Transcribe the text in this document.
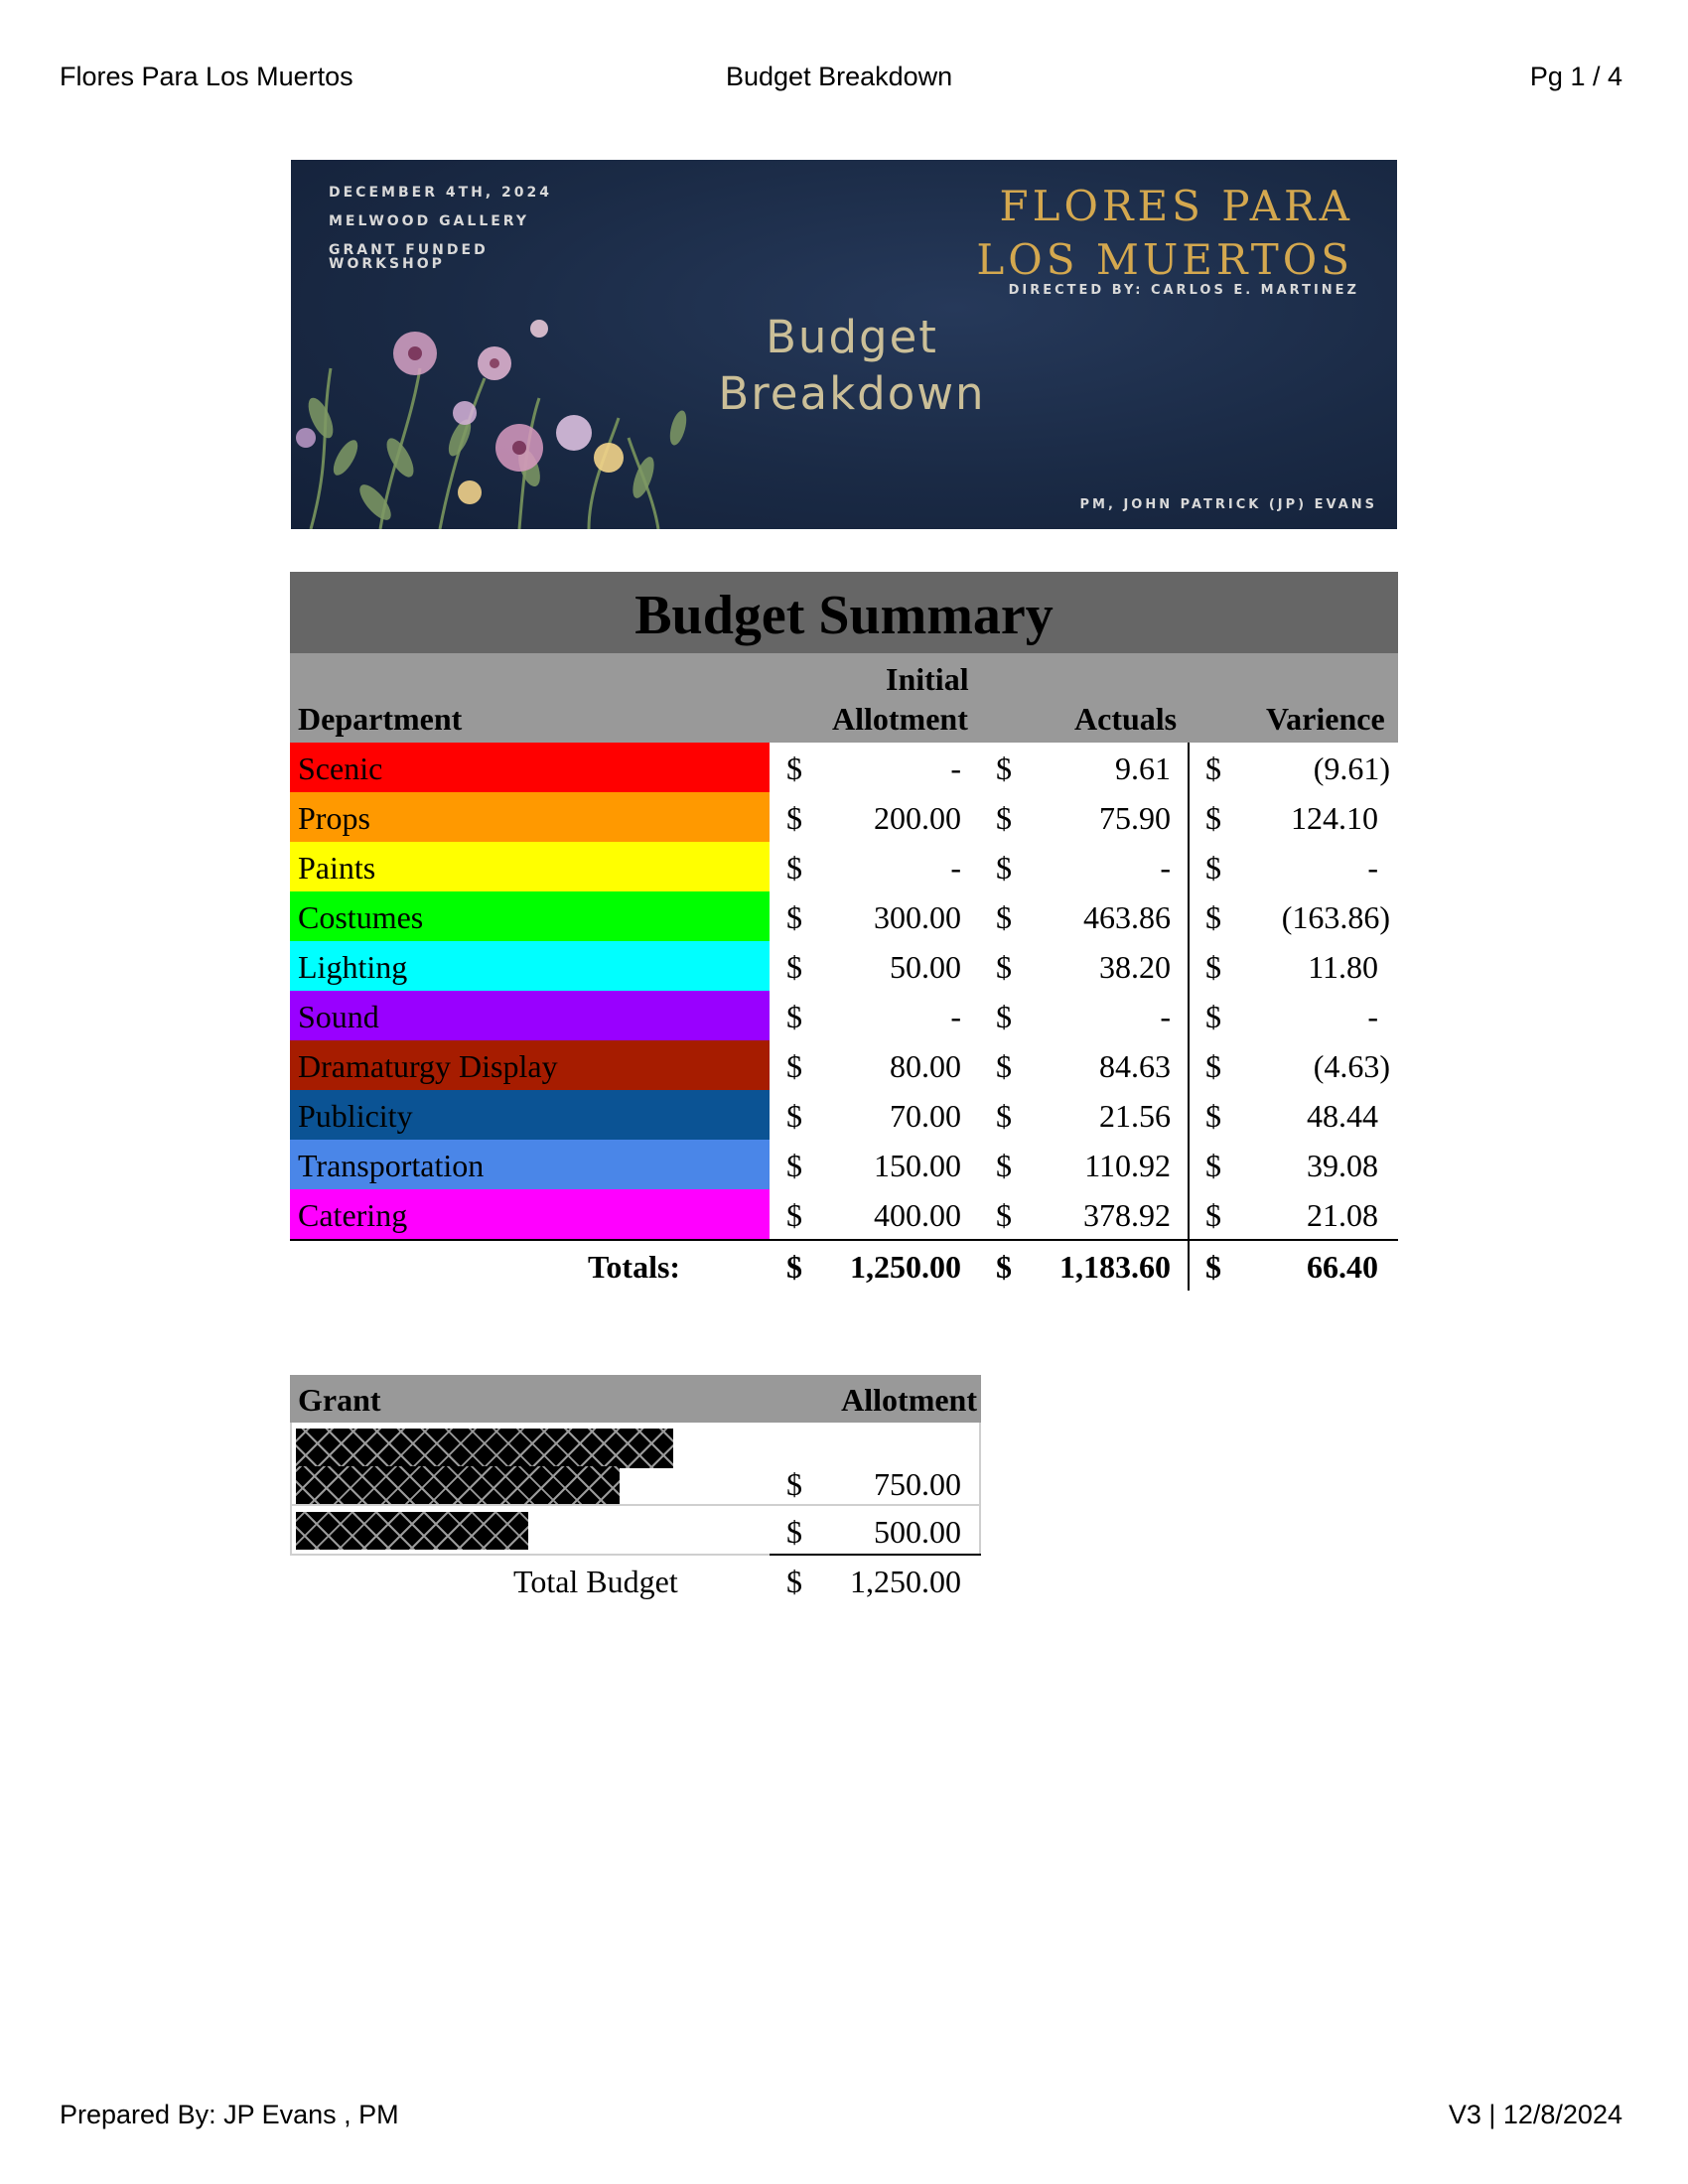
Flores Para Los Muertos	Budget Breakdown	Pg 1 / 4
DECEMBER 4TH, 2024
MELWOOD GALLERY
GRANT FUNDED
WORKSHOP
FLORES PARA
LOS MUERTOS
DIRECTED BY: CARLOS E. MARTINEZ
Budget
Breakdown
PM, JOHN PATRICK (JP) EVANS
Budget Summary
Department
Initial
Allotment	Actuals	Varience
Scenic	$	- $	9.61 $	(9.61)
Props	$ 200.00 $	75.90 $ 124.10
Paints	$	- $	- $	-
Costumes	$ 300.00 $ 463.86 $ (163.86)
Lighting	$	50.00 $	38.20 $	11.80
Sound	$	- $	- $	-
Dramaturgy Display	$	80.00 $	84.63 $	(4.63)
Publicity	$	70.00 $	21.56 $	48.44
Transportation	$ 150.00 $ 110.92 $	39.08
Catering	$ 400.00 $ 378.92 $	21.08
Totals:	$ 1,250.00 $ 1,183.60 $	66.40
Grant	Allotment
$ 750.00
$ 500.00
Total Budget	$ 1,250.00
Prepared By: JP Evans , PM	V3 | 12/8/2024
